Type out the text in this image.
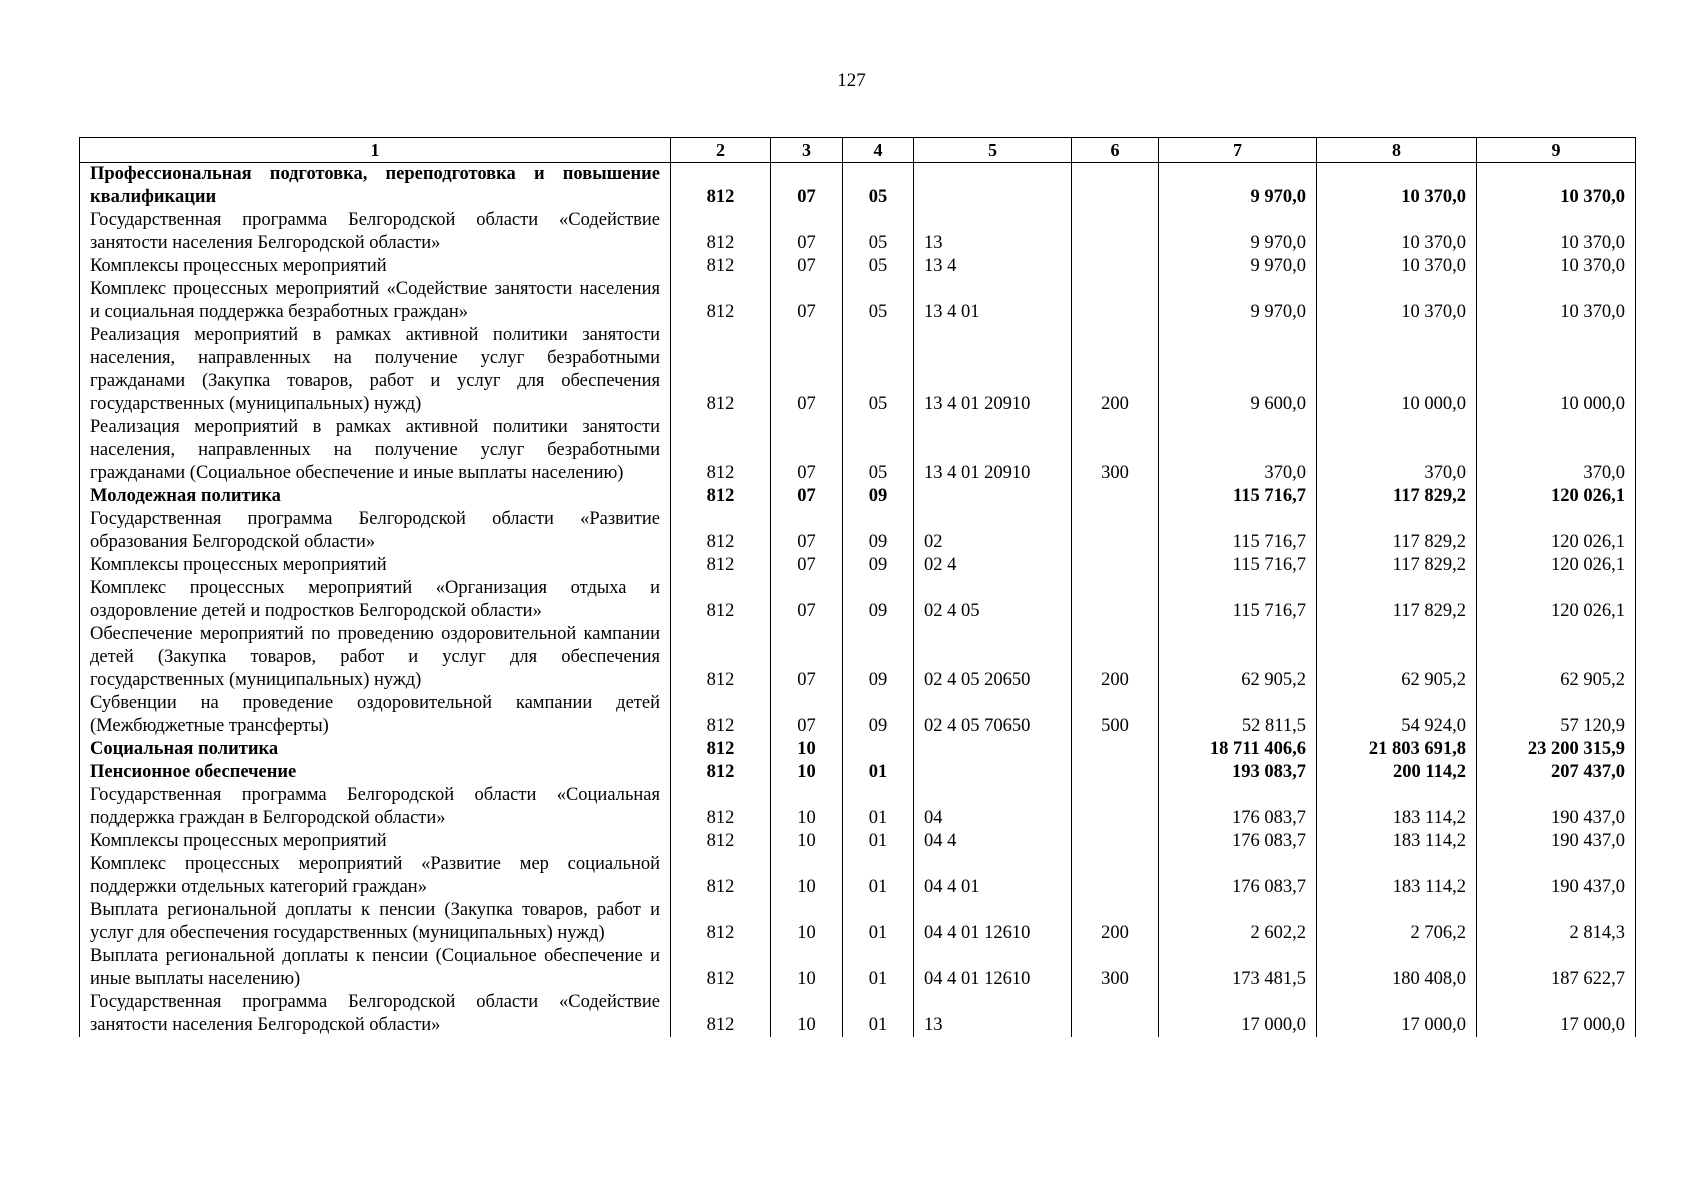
127
1	2	3	4	5	6	7	8	9
Профессиональная подготовка, переподготовка и повышение квалификации	812	07	05			9 970,0	10 370,0	10 370,0
Государственная программа Белгородской области «Содействие занятости населения Белгородской области»	812	07	05	13		9 970,0	10 370,0	10 370,0
Комплексы процессных мероприятий	812	07	05	13 4		9 970,0	10 370,0	10 370,0
Комплекс процессных мероприятий «Содействие занятости населения и социальная поддержка безработных граждан»	812	07	05	13 4 01		9 970,0	10 370,0	10 370,0
Реализация мероприятий в рамках активной политики занятости населения, направленных на получение услуг безработными гражданами (Закупка товаров, работ и услуг для обеспечения государственных (муниципальных) нужд)	812	07	05	13 4 01 20910	200	9 600,0	10 000,0	10 000,0
Реализация мероприятий в рамках активной политики занятости населения, направленных на получение услуг безработными гражданами (Социальное обеспечение и иные выплаты населению)	812	07	05	13 4 01 20910	300	370,0	370,0	370,0
Молодежная политика	812	07	09			115 716,7	117 829,2	120 026,1
Государственная программа Белгородской области «Развитие образования Белгородской области»	812	07	09	02		115 716,7	117 829,2	120 026,1
Комплексы процессных мероприятий	812	07	09	02 4		115 716,7	117 829,2	120 026,1
Комплекс процессных мероприятий «Организация отдыха и оздоровление детей и подростков Белгородской области»	812	07	09	02 4 05		115 716,7	117 829,2	120 026,1
Обеспечение мероприятий по проведению оздоровительной кампании детей (Закупка товаров, работ и услуг для обеспечения государственных (муниципальных) нужд)	812	07	09	02 4 05 20650	200	62 905,2	62 905,2	62 905,2
Субвенции на проведение оздоровительной кампании детей (Межбюджетные трансферты)	812	07	09	02 4 05 70650	500	52 811,5	54 924,0	57 120,9
Социальная политика	812	10				18 711 406,6	21 803 691,8	23 200 315,9
Пенсионное обеспечение	812	10	01			193 083,7	200 114,2	207 437,0
Государственная программа Белгородской области «Социальная поддержка граждан в Белгородской области»	812	10	01	04		176 083,7	183 114,2	190 437,0
Комплексы процессных мероприятий	812	10	01	04 4		176 083,7	183 114,2	190 437,0
Комплекс процессных мероприятий «Развитие мер социальной поддержки отдельных категорий граждан»	812	10	01	04 4 01		176 083,7	183 114,2	190 437,0
Выплата региональной доплаты к пенсии (Закупка товаров, работ и услуг для обеспечения государственных (муниципальных) нужд)	812	10	01	04 4 01 12610	200	2 602,2	2 706,2	2 814,3
Выплата региональной доплаты к пенсии (Социальное обеспечение и иные выплаты населению)	812	10	01	04 4 01 12610	300	173 481,5	180 408,0	187 622,7
Государственная программа Белгородской области «Содействие занятости населения Белгородской области»	812	10	01	13		17 000,0	17 000,0	17 000,0
